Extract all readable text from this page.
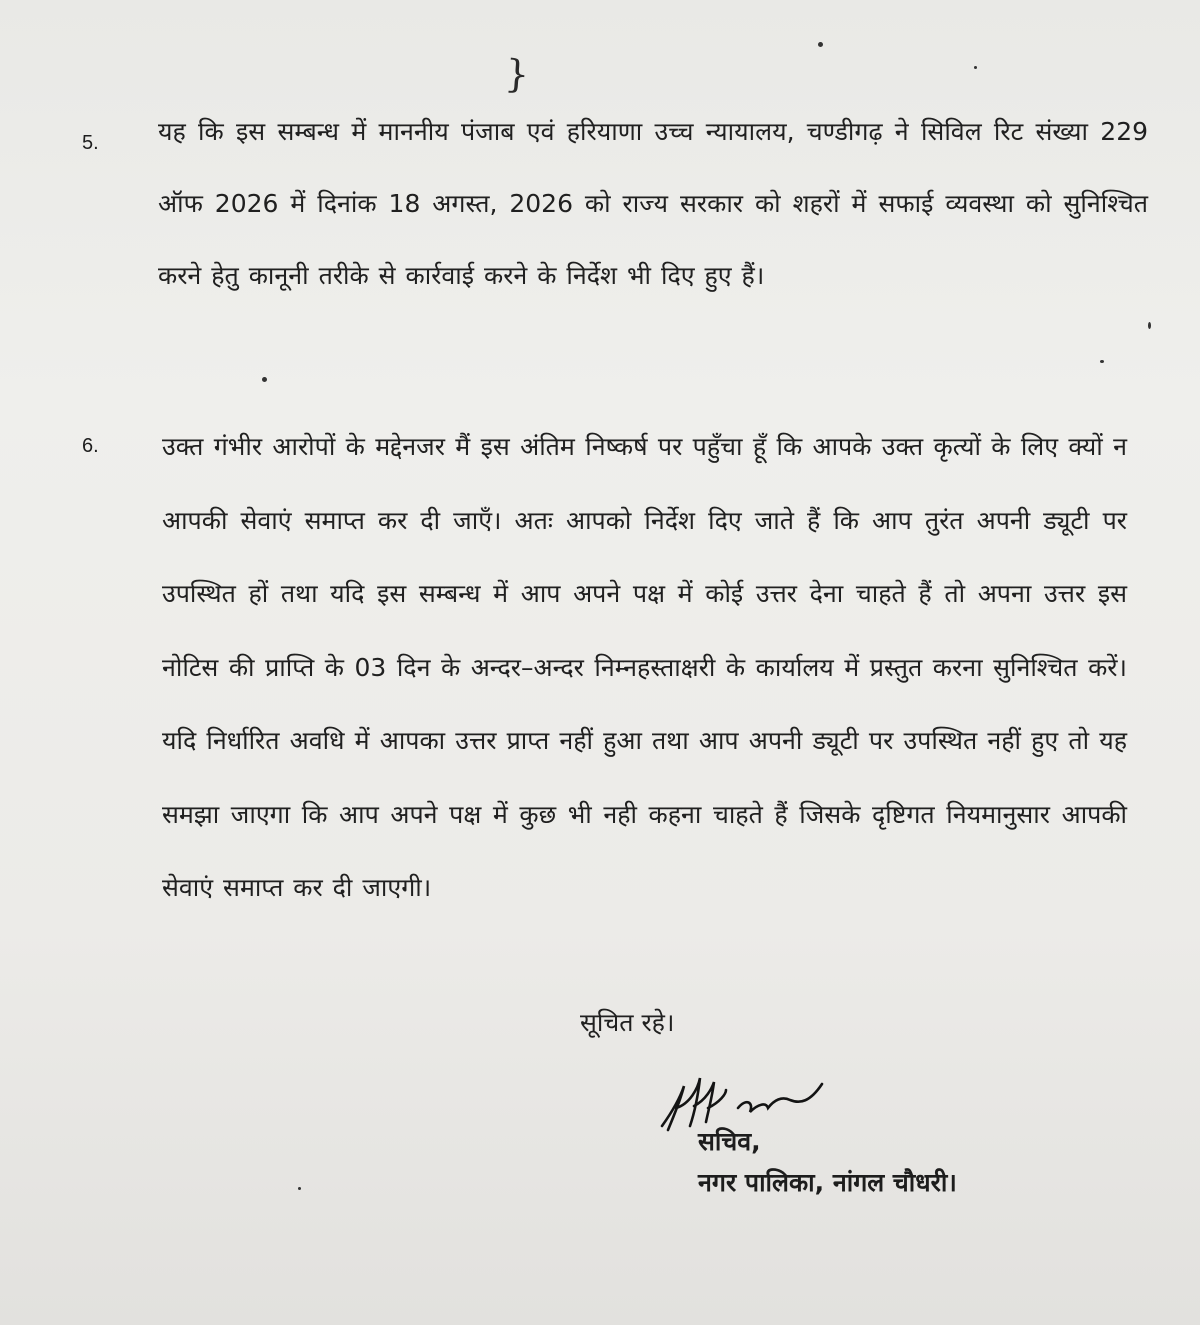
}
5. यह कि इस सम्बन्ध में माननीय पंजाब एवं हरियाणा उच्च न्यायालय, चण्डीगढ़ ने सिविल रिट संख्या 229 ऑफ 2026 में दिनांक 18 अगस्त, 2026 को राज्य सरकार को शहरों में सफाई व्यवस्था को सुनिश्चित करने हेतु कानूनी तरीके से कार्रवाई करने के निर्देश भी दिए हुए हैं।
6.	उक्त गंभीर आरोपों के मद्देनजर मैं इस अंतिम निष्कर्ष पर पहुँचा हूँ कि आपके उक्त कृत्यों के लिए क्यों न आपकी सेवाएं समाप्त कर दी जाएँ। अतः आपको निर्देश दिए जाते हैं कि आप तुरंत अपनी ड्यूटी पर उपस्थित हों तथा यदि इस सम्बन्ध में आप अपने पक्ष में कोई उत्तर देना चाहते हैं तो अपना उत्तर इस नोटिस की प्राप्ति के 03 दिन के अन्दर–अन्दर निम्नहस्ताक्षरी के कार्यालय में प्रस्तुत करना सुनिश्चित करें। यदि निर्धारित अवधि में आपका उत्तर प्राप्त नहीं हुआ तथा आप अपनी ड्यूटी पर उपस्थित नहीं हुए तो यह समझा जाएगा कि आप अपने पक्ष में कुछ भी नही कहना चाहते हैं जिसके दृष्टिगत नियमानुसार आपकी सेवाएं समाप्त कर दी जाएगी।
सूचित रहे।
सचिव,
नगर पालिका, नांगल चौधरी।
